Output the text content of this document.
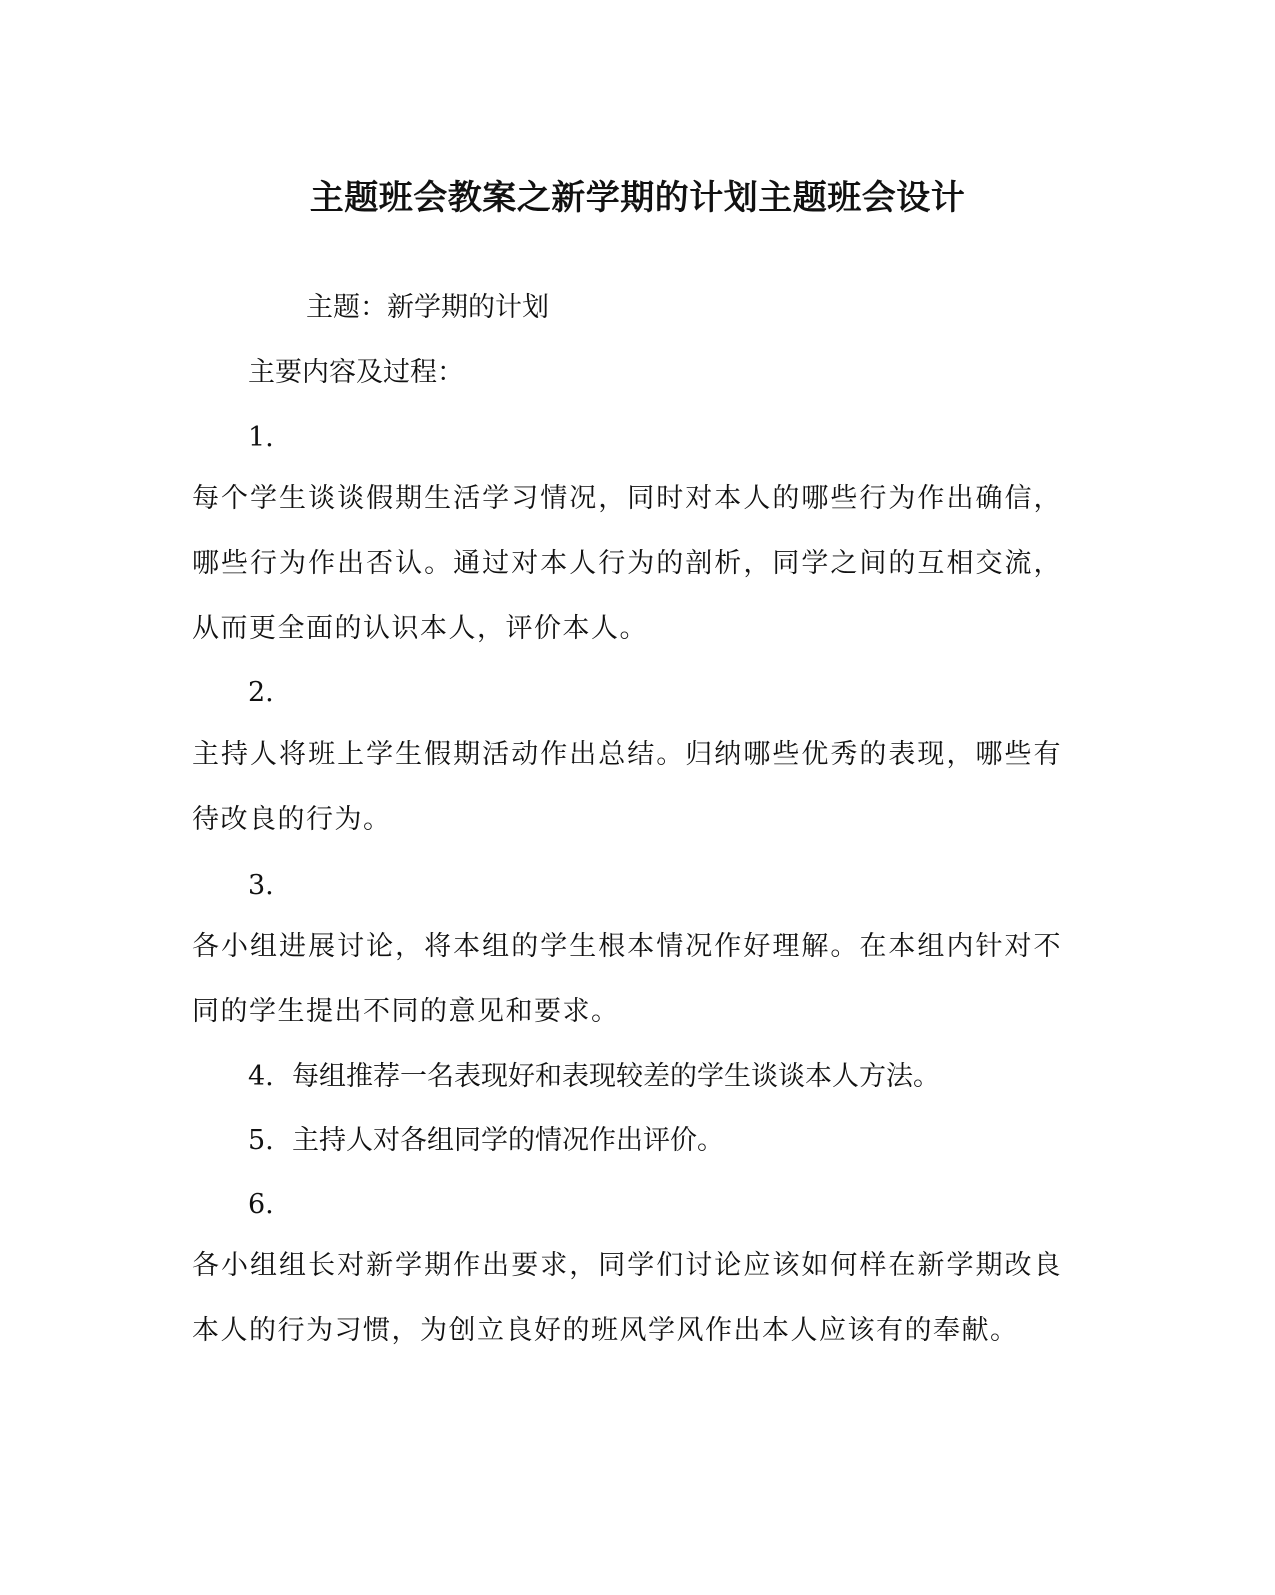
主题班会教案之新学期的计划主题班会设计

主题：新学期的计划

主要内容及过程：

1.

每个学生谈谈假期生活学习情况，同时对本人的哪些行为作出确信，哪些行为作出否认。通过对本人行为的剖析，同学之间的互相交流，从而更全面的认识本人，评价本人。

2.

主持人将班上学生假期活动作出总结。归纳哪些优秀的表现，哪些有待改良的行为。

3.

各小组进展讨论，将本组的学生根本情况作好理解。在本组内针对不同的学生提出不同的意见和要求。

4. 每组推荐一名表现好和表现较差的学生谈谈本人方法。

5. 主持人对各组同学的情况作出评价。

6.

各小组组长对新学期作出要求，同学们讨论应该如何样在新学期改良本人的行为习惯，为创立良好的班风学风作出本人应该有的奉献。
